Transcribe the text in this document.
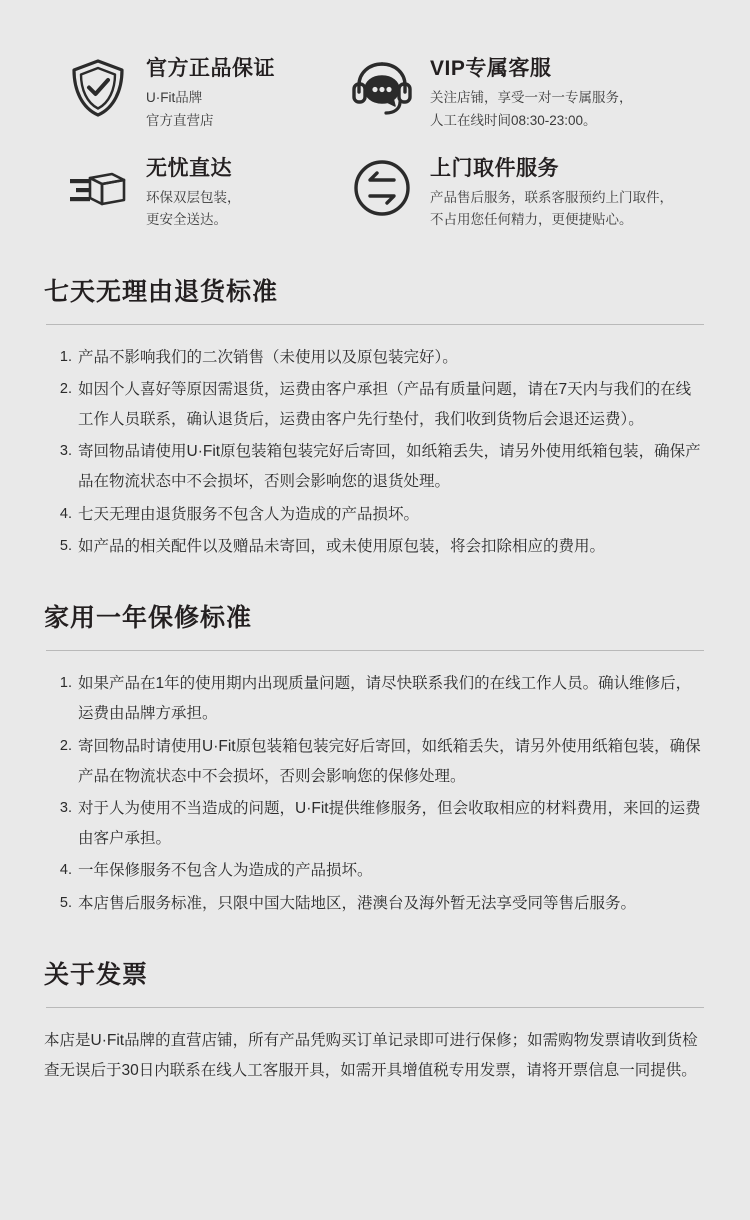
官方正品保证
U·Fit品牌
官方直营店
VIP专属客服
关注店铺，享受一对一专属服务，
人工在线时间08:30-23:00。
无忧直达
环保双层包装，
更安全送达。
上门取件服务
产品售后服务，联系客服预约上门取件，
不占用您任何精力，更便捷贴心。
七天无理由退货标准
产品不影响我们的二次销售（未使用以及原包装完好）。
如因个人喜好等原因需退货，运费由客户承担（产品有质量问题，请在7天内与我们的在线工作人员联系，确认退货后，运费由客户先行垫付，我们收到货物后会退还运费）。
寄回物品请使用U·Fit原包装箱包装完好后寄回，如纸箱丢失，请另外使用纸箱包装，确保产品在物流状态中不会损坏，否则会影响您的退货处理。
七天无理由退货服务不包含人为造成的产品损坏。
如产品的相关配件以及赠品未寄回，或未使用原包装，将会扣除相应的费用。
家用一年保修标准
如果产品在1年的使用期内出现质量问题，请尽快联系我们的在线工作人员。确认维修后，运费由品牌方承担。
寄回物品时请使用U·Fit原包装箱包装完好后寄回，如纸箱丢失，请另外使用纸箱包装，确保产品在物流状态中不会损坏，否则会影响您的保修处理。
对于人为使用不当造成的问题，U·Fit提供维修服务，但会收取相应的材料费用，来回的运费由客户承担。
一年保修服务不包含人为造成的产品损坏。
本店售后服务标准，只限中国大陆地区，港澳台及海外暂无法享受同等售后服务。
关于发票
本店是U·Fit品牌的直营店铺，所有产品凭购买订单记录即可进行保修；如需购物发票请收到货检查无误后于30日内联系在线人工客服开具，如需开具增值税专用发票，请将开票信息一同提供。
